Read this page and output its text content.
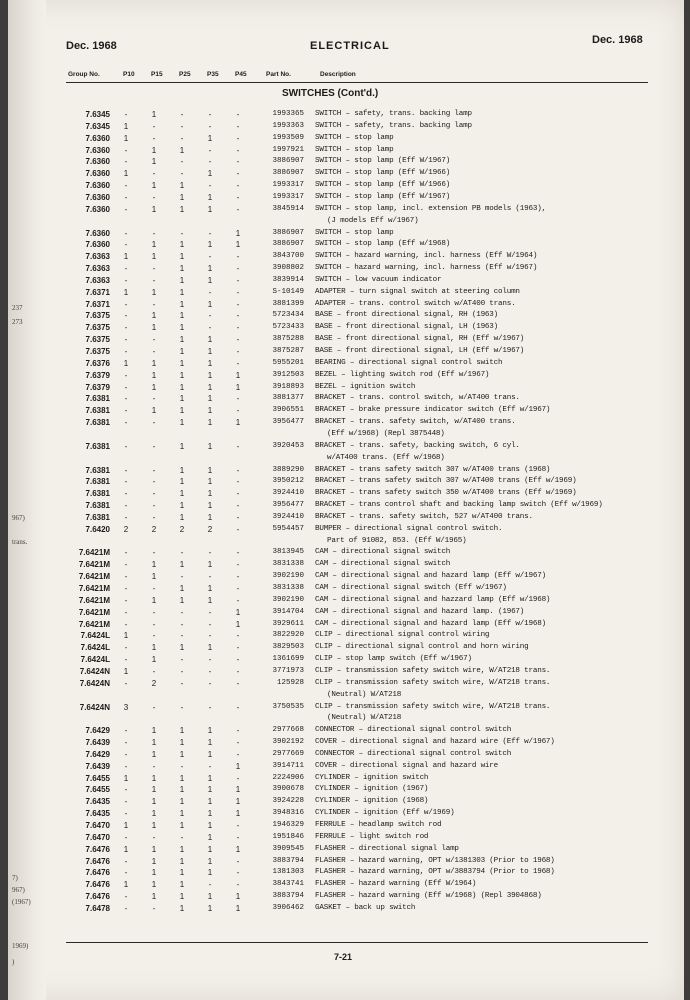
237
273
967)
trans.
7)
967)
(1967)
1969)
)
Dec. 1968	ELECTRICAL	Dec. 1968
Group No.	P10	P15	P25	P35	P45	Part No.	Description
SWITCHES (Cont'd.)
7.6345	-	1	-	-	-	1993365 SWITCH – safety, trans. backing lamp
7.6345	1	-	-	-	-	1993363 SWITCH – safety, trans. backing lamp
7.6360	1	-	-	1	-	1993509 SWITCH – stop lamp
7.6360	-	1	1	-	-	1997921 SWITCH – stop lamp
7.6360	-	1	-	-	-	3886907 SWITCH – stop lamp (Eff W/1967)
7.6360	1	-	-	1	-	3886907 SWITCH – stop lamp (Eff W/1966)
7.6360	-	1	1	-	-	1993317 SWITCH – stop lamp (Eff W/1966)
7.6360	-	-	1	1	-	1993317 SWITCH – stop lamp (Eff W/1967)
7.6360	-	1	1	1	-	3845914 SWITCH – stop lamp, incl. extension PB models (1963),
(J models Eff w/1967)
7.6360	-	-	-	-	1	3886907 SWITCH – stop lamp
7.6360	-	1	1	1	1	3886907 SWITCH – stop lamp (Eff w/1968)
7.6363	1	1	1	-	-	3843700 SWITCH – hazard warning, incl. harness (Eff W/1964)
7.6363	-	-	1	1	-	3908802 SWITCH – hazard warning, incl. harness (Eff w/1967)
7.6363	-	-	1	1	-	3839914 SWITCH – low vacuum indicator
7.6371	1	1	1	-	-	S-10149 ADAPTER – turn signal switch at steering column
7.6371	-	-	1	1	-	3881399 ADAPTER – trans. control switch w/AT400 trans.
7.6375	-	1	1	-	-	5723434 BASE – front directional signal, RH (1963)
7.6375	-	1	1	-	-	5723433 BASE – front directional signal, LH (1963)
7.6375	-	-	1	1	-	3875288 BASE – front directional signal, RH (Eff w/1967)
7.6375	-	-	1	1	-	3875287 BASE – front directional signal, LH (Eff w/1967)
7.6376	1	1	1	1	-	5955201 BEARING – directional signal control switch
7.6379	-	1	1	1	1	3912503 BEZEL – lighting switch rod (Eff w/1967)
7.6379	-	1	1	1	1	3918893 BEZEL – ignition switch
7.6381	-	-	1	1	-	3881377 BRACKET – trans. control switch, w/AT400 trans.
7.6381	-	1	1	1	-	3906551 BRACKET – brake pressure indicator switch (Eff w/1967)
7.6381	-	-	1	1	1	3956477 BRACKET – trans. safety switch, w/AT400 trans.
(Eff w/1968) (Repl 3875448)
7.6381	-	-	1	1	-	3920453 BRACKET – trans. safety, backing switch, 6 cyl.
w/AT400 trans. (Eff w/1968)
7.6381	-	-	1	1	-	3889290 BRACKET – trans safety switch 307 w/AT400 trans (1968)
7.6381	-	-	1	1	-	3950212 BRACKET – trans safety switch 307 w/AT400 trans (Eff w/1969)
7.6381	-	-	1	1	-	3924410 BRACKET – trans safety switch 350 w/AT400 trans (Eff w/1969)
7.6381	-	-	1	1	-	3956477 BRACKET – trans control shaft and backing lamp switch (Eff w/1969)
7.6381	-	-	1	1	-	3924410 BRACKET – trans. safety switch, 527 w/AT400 trans.
7.6420	2	2	2	2	-	5954457 BUMPER – directional signal control switch.
Part of 91082, 853. (Eff W/1965)
7.6421M	-	-	-	-	-	3813945 CAM – directional signal switch
7.6421M	-	1	1	1	-	3831338 CAM – directional signal switch
7.6421M	-	1	-	-	-	3902190 CAM – directional signal and hazard lamp (Eff w/1967)
7.6421M	-	-	1	1	-	3831338 CAM – directional signal switch (Eff w/1967)
7.6421M	-	1	1	1	-	3902190 CAM – directional signal and hazzard lamp (Eff w/1968)
7.6421M	-	-	-	-	1	3914704 CAM – directional signal and hazard lamp. (1967)
7.6421M	-	-	-	-	1	3929611 CAM – directional signal and hazard lamp (Eff w/1968)
7.6424L	1	-	-	-	-	3822920 CLIP – directional signal control wiring
7.6424L	-	1	1	1	-	3829503 CLIP – directional signal control and horn wiring
7.6424L	-	1	-	-	-	1361699 CLIP – stop lamp switch (Eff w/1967)
7.6424N	1	-	-	-	-	3771973 CLIP – transmission safety switch wire, W/AT218 trans.
7.6424N	-	2	-	-	-	125928 CLIP – transmission safety switch wire, W/AT218 trans.
(Neutral) W/AT218
7.6424N	3	-	-	-	-	3750535 CLIP – transmission safety switch wire, W/AT218 trans.
(Neutral) W/AT218
7.6429	-	1	1	1	-	2977668 CONNECTOR – directional signal control switch
7.6439	-	1	1	1	-	3902192 COVER – directional signal and hazard wire (Eff w/1967)
7.6429	-	1	1	1	-	2977669 CONNECTOR – directional signal control switch
7.6439	-	-	-	-	1	3914711 COVER – directional signal and hazard wire
7.6455	1	1	1	1	-	2224906 CYLINDER – ignition switch
7.6455	-	1	1	1	1	3900678 CYLINDER – ignition (1967)
7.6435	-	1	1	1	1	3924228 CYLINDER – ignition (1968)
7.6435	-	1	1	1	1	3948316 CYLINDER – ignition (Eff w/1969)
7.6470	1	1	1	1	-	1946329 FERRULE – headlamp switch rod
7.6470	-	-	-	1	-	1951846 FERRULE – light switch rod
7.6476	1	1	1	1	1	3909545 FLASHER – directional signal lamp
7.6476	-	1	1	1	-	3883794 FLASHER – hazard warning, OPT w/1381303 (Prior to 1968)
7.6476	-	1	1	1	-	1381303 FLASHER – hazard warning, OPT w/3883794 (Prior to 1968)
7.6476	1	1	1	-	-	3843741 FLASHER – hazard warning (Eff W/1964)
7.6476	-	1	1	1	1	3883794 FLASHER – hazard warning (Eff w/1968) (Repl 3904868)
7.6478	-	-	1	1	1	3906462 GASKET – back up switch
7-21
